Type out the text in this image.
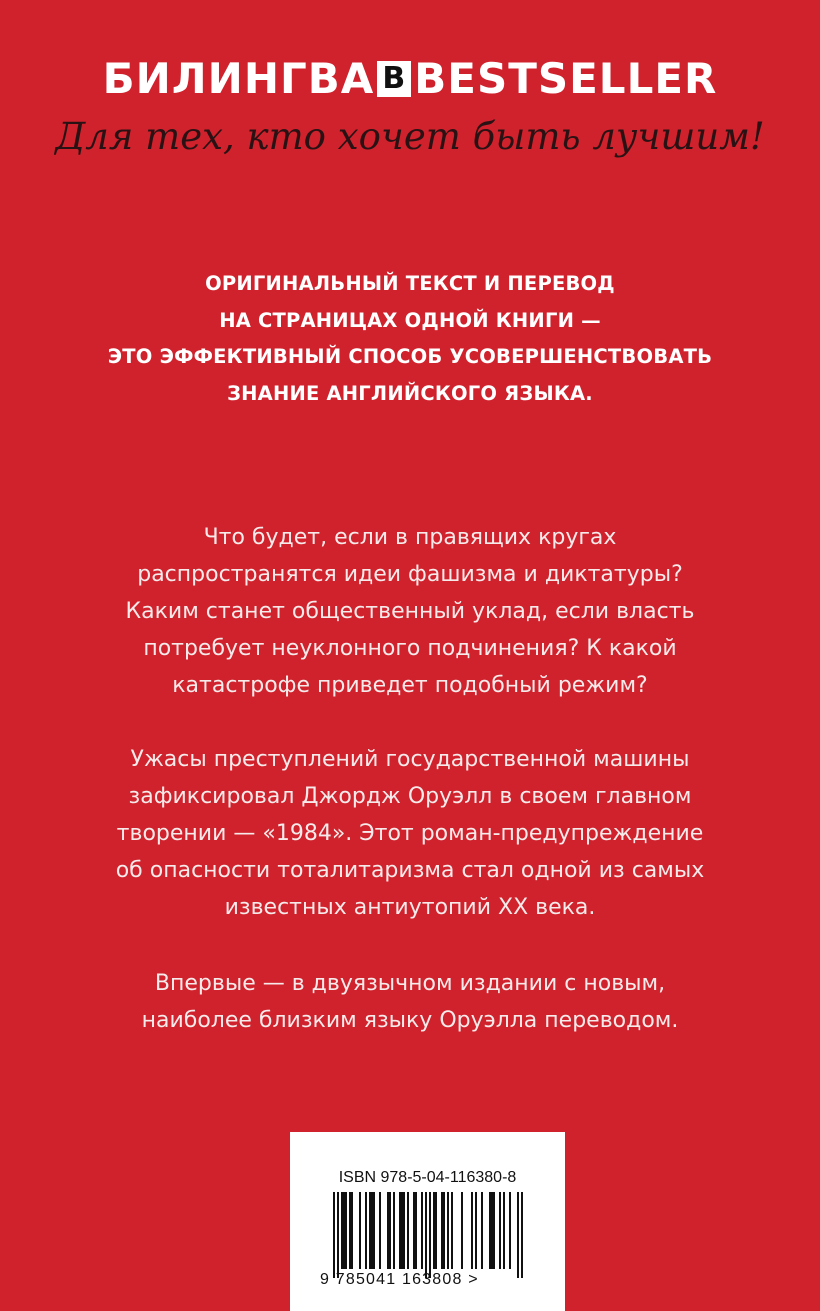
БИЛИНГВА B BESTSELLER
Для тех, кто хочет быть лучшим!
ОРИГИНАЛЬНЫЙ ТЕКСТ И ПЕРЕВОД
НА СТРАНИЦАХ ОДНОЙ КНИГИ —
ЭТО ЭФФЕКТИВНЫЙ СПОСОБ УСОВЕРШЕНСТВОВАТЬ
ЗНАНИЕ АНГЛИЙСКОГО ЯЗЫКА.
Что будет, если в правящих кругах
распространятся идеи фашизма и диктатуры?
Каким станет общественный уклад, если власть
потребует неуклонного подчинения? К какой
катастрофе приведет подобный режим?
Ужасы преступлений государственной машины
зафиксировал Джордж Оруэлл в своем главном
творении — «1984». Этот роман-предупреждение
об опасности тоталитаризма стал одной из самых
известных антиутопий XX века.
Впервые — в двуязычном издании с новым,
наиболее близким языку Оруэлла переводом.
ISBN 978-5-04-116380-8
9 785041 163808 >
